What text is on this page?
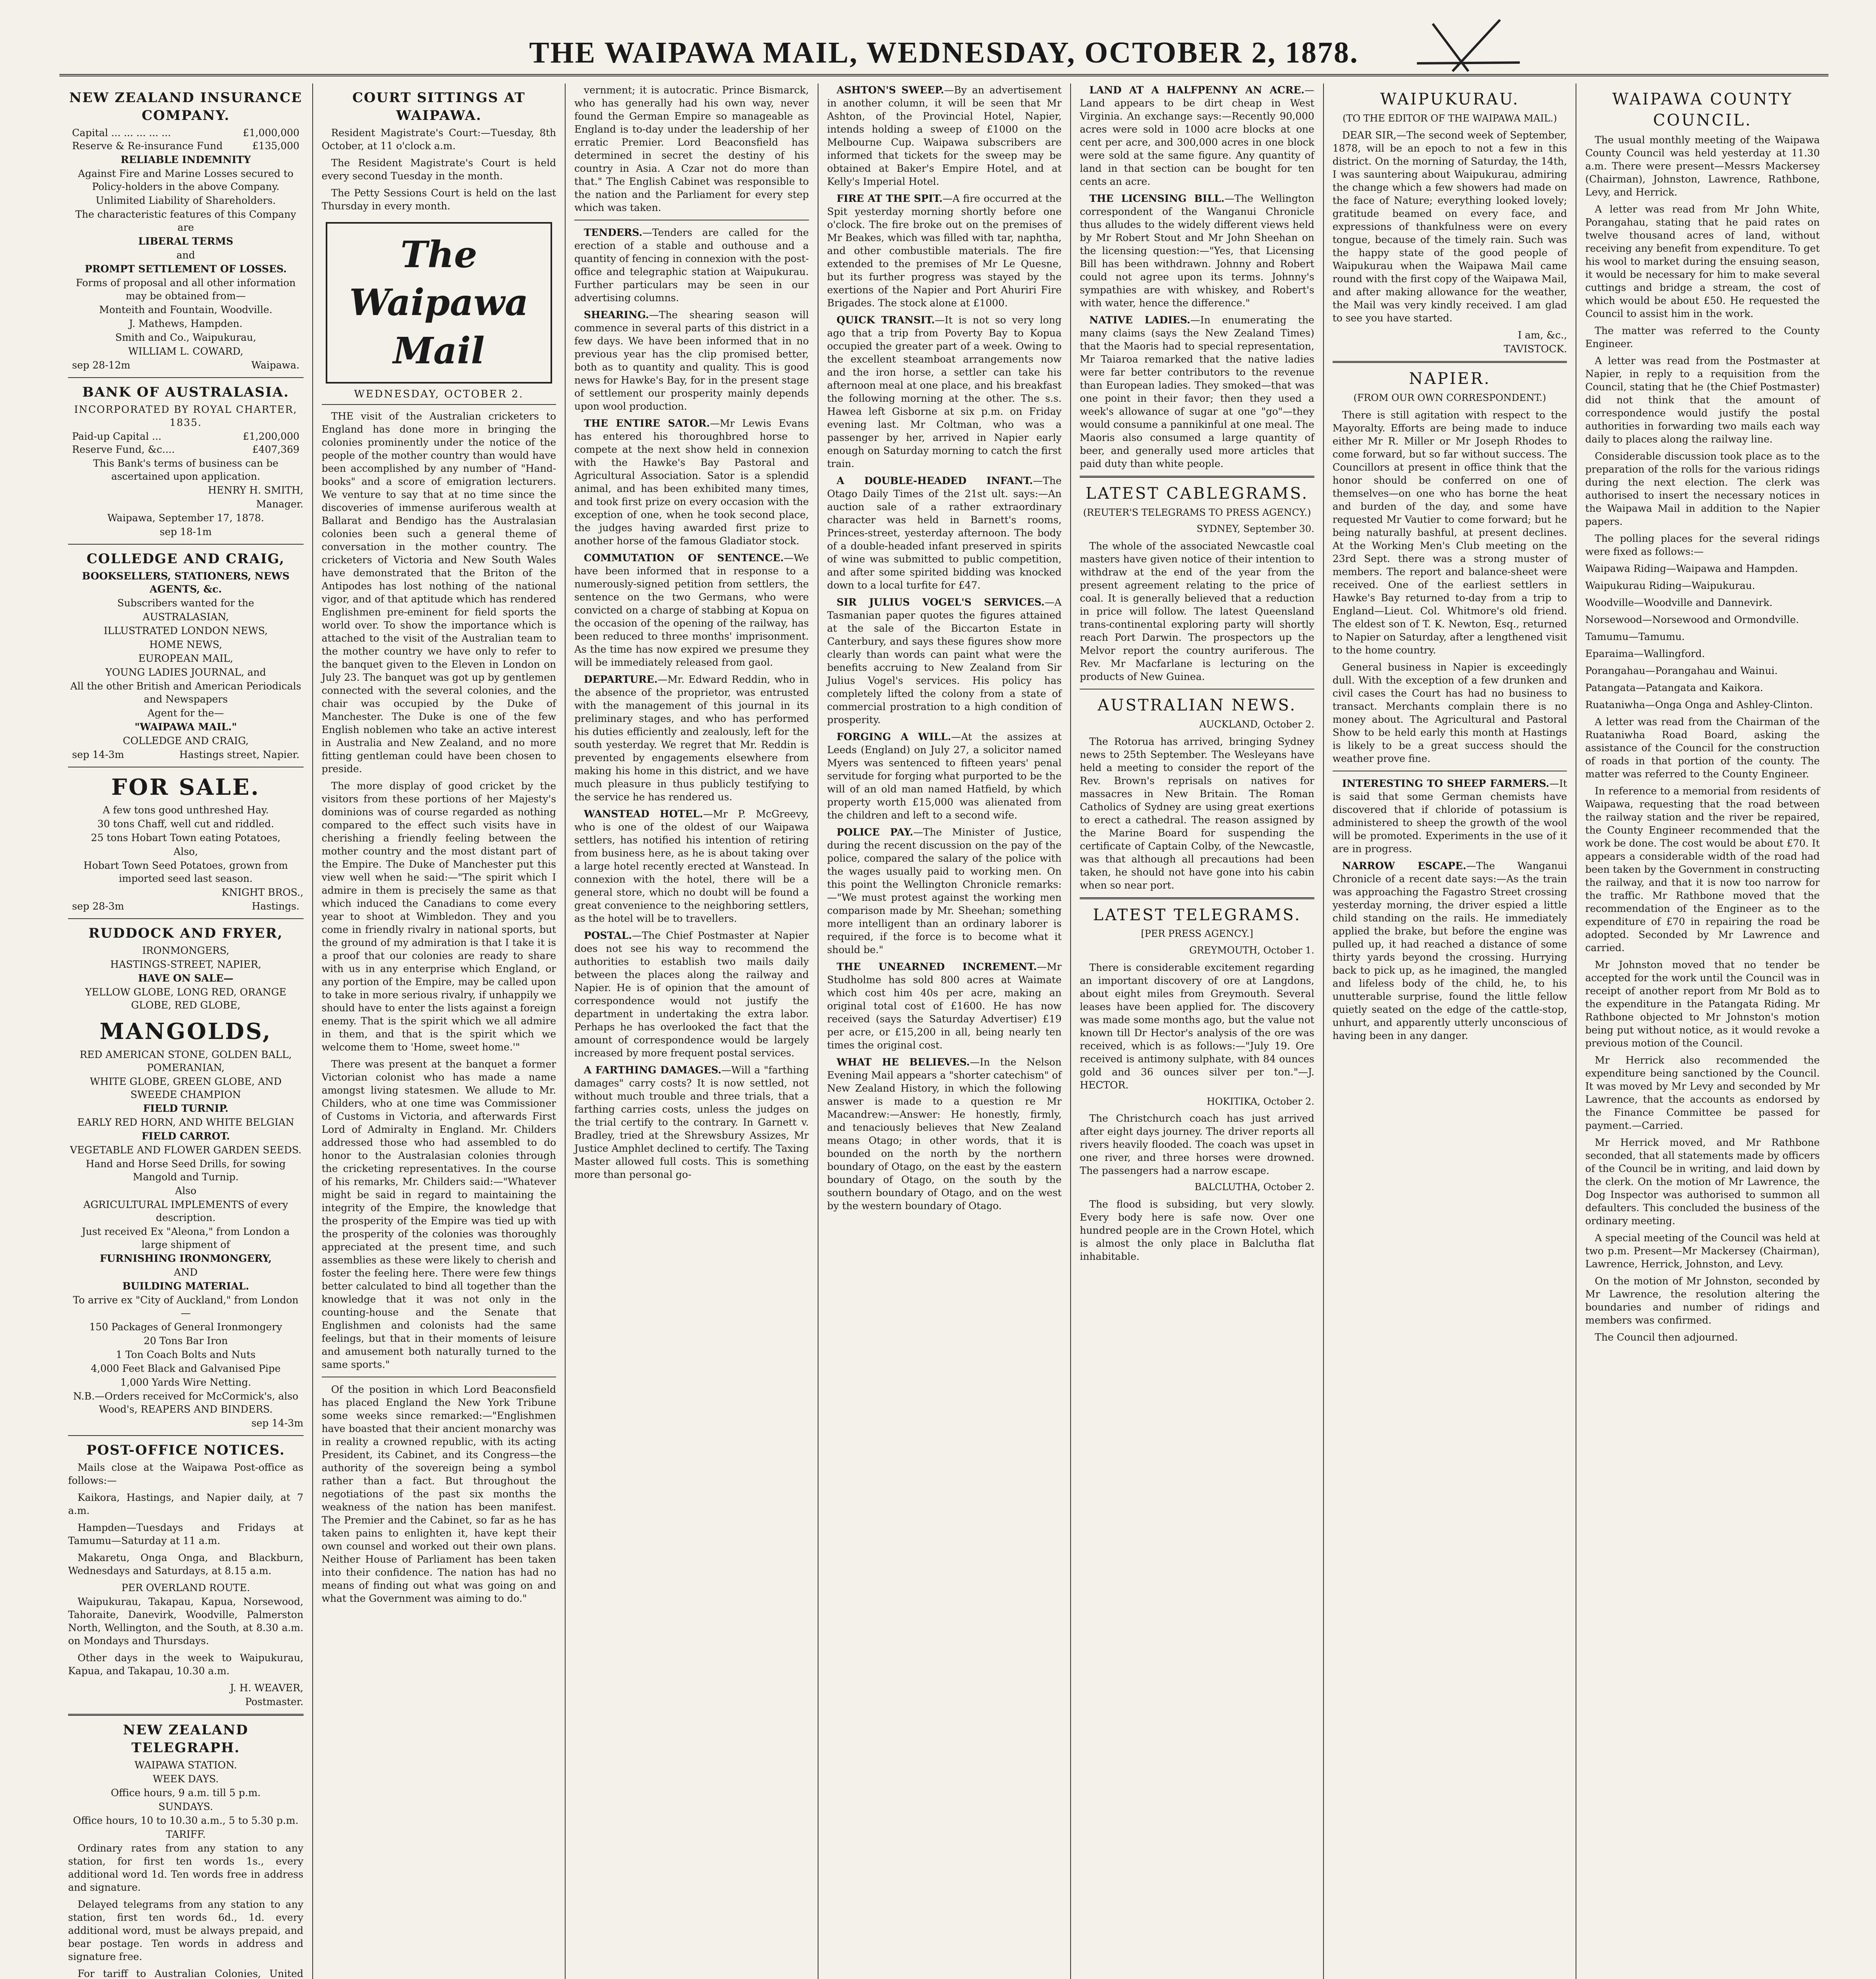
THE WAIPAWA MAIL, WEDNESDAY, OCTOBER 2, 1878.
NEW ZEALAND INSURANCE COMPANY.
Capital ... ... ... ... ...	£1,000,000
Reserve & Re-insurance Fund	£135,000
RELIABLE INDEMNITY
Against Fire and Marine Losses secured to Policy-holders in the above Company.
Unlimited Liability of Shareholders.
The characteristic features of this Company are
LIBERAL TERMS
and
PROMPT SETTLEMENT OF LOSSES.
Forms of proposal and all other information may be obtained from—
Monteith and Fountain, Woodville.
J. Mathews, Hampden.
Smith and Co., Waipukurau,
WILLIAM L. COWARD,
sep 28-12m	Waipawa.
BANK OF AUSTRALASIA.
INCORPORATED BY ROYAL CHARTER, 1835.
Paid-up Capital ...	£1,200,000
Reserve Fund, &c....	£407,369
This Bank's terms of business can be ascertained upon application.
HENRY H. SMITH,
Manager.
Waipawa, September 17, 1878.
sep 18-1m
COLLEDGE AND CRAIG,
BOOKSELLERS, STATIONERS, NEWS AGENTS, &c.
Subscribers wanted for the
AUSTRALASIAN,
ILLUSTRATED LONDON NEWS,
HOME NEWS,
EUROPEAN MAIL,
YOUNG LADIES JOURNAL, and
All the other British and American Periodicals and Newspapers
Agent for the—
"WAIPAWA MAIL."
COLLEDGE AND CRAIG,
sep 14-3m	Hastings street, Napier.
FOR SALE.
A few tons good unthreshed Hay.
30 tons Chaff, well cut and riddled.
25 tons Hobart Town eating Potatoes,
Also,
Hobart Town Seed Potatoes, grown from imported seed last season.
KNIGHT BROS.,
sep 28-3m	Hastings.
RUDDOCK AND FRYER,
IRONMONGERS,
HASTINGS-STREET, NAPIER,
HAVE ON SALE—
YELLOW GLOBE, LONG RED, ORANGE GLOBE, RED GLOBE,
MANGOLDS,
RED AMERICAN STONE, GOLDEN BALL, POMERANIAN,
WHITE GLOBE, GREEN GLOBE, AND SWEEDE CHAMPION
FIELD TURNIP.
EARLY RED HORN, AND WHITE BELGIAN
FIELD CARROT.
VEGETABLE AND FLOWER GARDEN SEEDS.
Hand and Horse Seed Drills, for sowing Mangold and Turnip.
Also
AGRICULTURAL IMPLEMENTS of every description.
Just received Ex "Aleona," from London a large shipment of
FURNISHING IRONMONGERY,
AND
BUILDING MATERIAL.
To arrive ex "City of Auckland," from London—
150 Packages of General Ironmongery
20 Tons Bar Iron
1 Ton Coach Bolts and Nuts
4,000 Feet Black and Galvanised Pipe
1,000 Yards Wire Netting.
N.B.—Orders received for McCormick's, also Wood's, REAPERS AND BINDERS.
sep 14-3m
POST-OFFICE NOTICES.

Mails close at the Waipawa Post-office as follows:—

Kaikora, Hastings, and Napier daily, at 7 a.m.

Hampden—Tuesdays and Fridays at Tamumu—Saturday at 11 a.m.

Makaretu, Onga Onga, and Blackburn, Wednesdays and Saturdays, at 8.15 a.m.

PER OVERLAND ROUTE.

Waipukurau, Takapau, Kapua, Norsewood, Tahoraite, Danevirk, Woodville, Palmerston North, Wellington, and the South, at 8.30 a.m. on Mondays and Thursdays.

Other days in the week to Waipukurau, Kapua, and Takapau, 10.30 a.m.

J. H. WEAVER,
Postmaster.
NEW ZEALAND TELEGRAPH.
WAIPAWA STATION.
WEEK DAYS.
Office hours, 9 a.m. till 5 p.m.
SUNDAYS.
Office hours, 10 to 10.30 a.m., 5 to 5.30 p.m.
TARIFF.

Ordinary rates from any station to any station, for first ten words 1s., every additional word 1d. Ten words free in address and signature.

Delayed telegrams from any station to any station, first ten words 6d., 1d. every additional word, must be always prepaid, and bear postage. Ten words in address and signature free.

For tariff to Australian Colonies, United

COURT SITTINGS AT WAIPAWA.

Resident Magistrate's Court:—Tuesday, 8th October, at 11 o'clock a.m.

The Resident Magistrate's Court is held every second Tuesday in the month.

The Petty Sessions Court is held on the last Thursday in every month.

The Waipawa Mail
WEDNESDAY, OCTOBER 2.

THE visit of the Australian cricketers to England has done more in bringing the colonies prominently under the notice of the people of the mother country than would have been accomplished by any number of "Hand-books" and a score of emigration lecturers. We venture to say that at no time since the discoveries of immense auriferous wealth at Ballarat and Bendigo has the Australasian colonies been such a general theme of conversation in the mother country. The cricketers of Victoria and New South Wales have demonstrated that the Briton of the Antipodes has lost nothing of the national vigor, and of that aptitude which has rendered Englishmen pre-eminent for field sports the world over. To show the importance which is attached to the visit of the Australian team to the mother country we have only to refer to the banquet given to the Eleven in London on July 23. The banquet was got up by gentlemen connected with the several colonies, and the chair was occupied by the Duke of Manchester. The Duke is one of the few English noblemen who take an active interest in Australia and New Zealand, and no more fitting gentleman could have been chosen to preside.

The more display of good cricket by the visitors from these portions of her Majesty's dominions was of course regarded as nothing compared to the effect such visits have in cherishing a friendly feeling between the mother country and the most distant part of the Empire. The Duke of Manchester put this view well when he said:—"The spirit which I admire in them is precisely the same as that which induced the Canadians to come every year to shoot at Wimbledon. They and you come in friendly rivalry in national sports, but the ground of my admiration is that I take it is a proof that our colonies are ready to share with us in any enterprise which England, or any portion of the Empire, may be called upon to take in more serious rivalry, if unhappily we should have to enter the lists against a foreign enemy. That is the spirit which we all admire in them, and that is the spirit which we welcome them to 'Home, sweet home.'"

There was present at the banquet a former Victorian colonist who has made a name amongst living statesmen. We allude to Mr. Childers, who at one time was Commissioner of Customs in Victoria, and afterwards First Lord of Admiralty in England. Mr. Childers addressed those who had assembled to do honor to the Australasian colonies through the cricketing representatives. In the course of his remarks, Mr. Childers said:—"Whatever might be said in regard to maintaining the integrity of the Empire, the knowledge that the prosperity of the Empire was tied up with the prosperity of the colonies was thoroughly appreciated at the present time, and such assemblies as these were likely to cherish and foster the feeling here. There were few things better calculated to bind all together than the knowledge that it was not only in the counting-house and the Senate that Englishmen and colonists had the same feelings, but that in their moments of leisure and amusement both naturally turned to the same sports."

Of the position in which Lord Beaconsfield has placed England the New York Tribune some weeks since remarked:—"Englishmen have boasted that their ancient monarchy was in reality a crowned republic, with its acting President, its Cabinet, and its Congress—the authority of the sovereign being a symbol rather than a fact. But throughout the negotiations of the past six months the weakness of the nation has been manifest. The Premier and the Cabinet, so far as he has taken pains to enlighten it, have kept their own counsel and worked out their own plans. Neither House of Parliament has been taken into their confidence. The nation has had no means of finding out what was going on and what the Government was aiming to do."

vernment; it is autocratic. Prince Bismarck, who has generally had his own way, never found the German Empire so manageable as England is to-day under the leadership of her erratic Premier. Lord Beaconsfield has determined in secret the destiny of his country in Asia. A Czar not do more than that." The English Cabinet was responsible to the nation and the Parliament for every step which was taken.

TENDERS.—Tenders are called for the erection of a stable and outhouse and a quantity of fencing in connexion with the post-office and telegraphic station at Waipukurau. Further particulars may be seen in our advertising columns.

SHEARING.—The shearing season will commence in several parts of this district in a few days. We have been informed that in no previous year has the clip promised better, both as to quantity and quality. This is good news for Hawke's Bay, for in the present stage of settlement our prosperity mainly depends upon wool production.

THE ENTIRE SATOR.—Mr Lewis Evans has entered his thoroughbred horse to compete at the next show held in connexion with the Hawke's Bay Pastoral and Agricultural Association. Sator is a splendid animal, and has been exhibited many times, and took first prize on every occasion with the exception of one, when he took second place, the judges having awarded first prize to another horse of the famous Gladiator stock.

COMMUTATION OF SENTENCE.—We have been informed that in response to a numerously-signed petition from settlers, the sentence on the two Germans, who were convicted on a charge of stabbing at Kopua on the occasion of the opening of the railway, has been reduced to three months' imprisonment. As the time has now expired we presume they will be immediately released from gaol.

DEPARTURE.—Mr. Edward Reddin, who in the absence of the proprietor, was entrusted with the management of this journal in its preliminary stages, and who has performed his duties efficiently and zealously, left for the south yesterday. We regret that Mr. Reddin is prevented by engagements elsewhere from making his home in this district, and we have much pleasure in thus publicly testifying to the service he has rendered us.

WANSTEAD HOTEL.—Mr P. McGreevy, who is one of the oldest of our Waipawa settlers, has notified his intention of retiring from business here, as he is about taking over a large hotel recently erected at Wanstead. In connexion with the hotel, there will be a general store, which no doubt will be found a great convenience to the neighboring settlers, as the hotel will be to travellers.

POSTAL.—The Chief Postmaster at Napier does not see his way to recommend the authorities to establish two mails daily between the places along the railway and Napier. He is of opinion that the amount of correspondence would not justify the department in undertaking the extra labor. Perhaps he has overlooked the fact that the amount of correspondence would be largely increased by more frequent postal services.

A FARTHING DAMAGES.—Will a "farthing damages" carry costs? It is now settled, not without much trouble and three trials, that a farthing carries costs, unless the judges on the trial certify to the contrary. In Garnett v. Bradley, tried at the Shrewsbury Assizes, Mr Justice Amphlet declined to certify. The Taxing Master allowed full costs. This is something more than personal go-

ASHTON'S SWEEP.—By an advertisement in another column, it will be seen that Mr Ashton, of the Provincial Hotel, Napier, intends holding a sweep of £1000 on the Melbourne Cup. Waipawa subscribers are informed that tickets for the sweep may be obtained at Baker's Empire Hotel, and at Kelly's Imperial Hotel.

FIRE AT THE SPIT.—A fire occurred at the Spit yesterday morning shortly before one o'clock. The fire broke out on the premises of Mr Beakes, which was filled with tar, naphtha, and other combustible materials. The fire extended to the premises of Mr Le Quesne, but its further progress was stayed by the exertions of the Napier and Port Ahuriri Fire Brigades. The stock alone at £1000.

QUICK TRANSIT.—It is not so very long ago that a trip from Poverty Bay to Kopua occupied the greater part of a week. Owing to the excellent steamboat arrangements now and the iron horse, a settler can take his afternoon meal at one place, and his breakfast the following morning at the other. The s.s. Hawea left Gisborne at six p.m. on Friday evening last. Mr Coltman, who was a passenger by her, arrived in Napier early enough on Saturday morning to catch the first train.

A DOUBLE-HEADED INFANT.—The Otago Daily Times of the 21st ult. says:—An auction sale of a rather extraordinary character was held in Barnett's rooms, Princes-street, yesterday afternoon. The body of a double-headed infant preserved in spirits of wine was submitted to public competition, and after some spirited bidding was knocked down to a local turfite for £47.

SIR JULIUS VOGEL'S SERVICES.—A Tasmanian paper quotes the figures attained at the sale of the Biccarton Estate in Canterbury, and says these figures show more clearly than words can paint what were the benefits accruing to New Zealand from Sir Julius Vogel's services. His policy has completely lifted the colony from a state of commercial prostration to a high condition of prosperity.

FORGING A WILL.—At the assizes at Leeds (England) on July 27, a solicitor named Myers was sentenced to fifteen years' penal servitude for forging what purported to be the will of an old man named Hatfield, by which property worth £15,000 was alienated from the children and left to a second wife.

POLICE PAY.—The Minister of Justice, during the recent discussion on the pay of the police, compared the salary of the police with the wages usually paid to working men. On this point the Wellington Chronicle remarks:—"We must protest against the working men comparison made by Mr. Sheehan; something more intelligent than an ordinary laborer is required, if the force is to become what it should be."

THE UNEARNED INCREMENT.—Mr Studholme has sold 800 acres at Waimate which cost him 40s per acre, making an original total cost of £1600. He has now received (says the Saturday Advertiser) £19 per acre, or £15,200 in all, being nearly ten times the original cost.

WHAT HE BELIEVES.—In the Nelson Evening Mail appears a "shorter catechism" of New Zealand History, in which the following answer is made to a question re Mr Macandrew:—Answer: He honestly, firmly, and tenaciously believes that New Zealand means Otago; in other words, that it is bounded on the north by the northern boundary of Otago, on the east by the eastern boundary of Otago, on the south by the southern boundary of Otago, and on the west by the western boundary of Otago.

LAND AT A HALFPENNY AN ACRE.—Land appears to be dirt cheap in West Virginia. An exchange says:—Recently 90,000 acres were sold in 1000 acre blocks at one cent per acre, and 300,000 acres in one block were sold at the same figure. Any quantity of land in that section can be bought for ten cents an acre.

THE LICENSING BILL.—The Wellington correspondent of the Wanganui Chronicle thus alludes to the widely different views held by Mr Robert Stout and Mr John Sheehan on the licensing question:—"Yes, that Licensing Bill has been withdrawn. Johnny and Robert could not agree upon its terms. Johnny's sympathies are with whiskey, and Robert's with water, hence the difference."

NATIVE LADIES.—In enumerating the many claims (says the New Zealand Times) that the Maoris had to special representation, Mr Taiaroa remarked that the native ladies were far better contributors to the revenue than European ladies. They smoked—that was one point in their favor; then they used a week's allowance of sugar at one "go"—they would consume a pannikinful at one meal. The Maoris also consumed a large quantity of beer, and generally used more articles that paid duty than white people.

LATEST CABLEGRAMS.
(REUTER'S TELEGRAMS TO PRESS AGENCY.)
SYDNEY, September 30.

The whole of the associated Newcastle coal masters have given notice of their intention to withdraw at the end of the year from the present agreement relating to the price of coal. It is generally believed that a reduction in price will follow. The latest Queensland trans-continental exploring party will shortly reach Port Darwin. The prospectors up the Melvor report the country auriferous. The Rev. Mr Macfarlane is lecturing on the products of New Guinea.

AUSTRALIAN NEWS.
AUCKLAND, October 2.

The Rotorua has arrived, bringing Sydney news to 25th September. The Wesleyans have held a meeting to consider the report of the Rev. Brown's reprisals on natives for massacres in New Britain. The Roman Catholics of Sydney are using great exertions to erect a cathedral. The reason assigned by the Marine Board for suspending the certificate of Captain Colby, of the Newcastle, was that although all precautions had been taken, he should not have gone into his cabin when so near port.

LATEST TELEGRAMS.
[PER PRESS AGENCY.]
GREYMOUTH, October 1.

There is considerable excitement regarding an important discovery of ore at Langdons, about eight miles from Greymouth. Several leases have been applied for. The discovery was made some months ago, but the value not known till Dr Hector's analysis of the ore was received, which is as follows:—"July 19. Ore received is antimony sulphate, with 84 ounces gold and 36 ounces silver per ton."—J. HECTOR.

HOKITIKA, October 2.

The Christchurch coach has just arrived after eight days journey. The driver reports all rivers heavily flooded. The coach was upset in one river, and three horses were drowned. The passengers had a narrow escape.

BALCLUTHA, October 2.

The flood is subsiding, but very slowly. Every body here is safe now. Over one hundred people are in the Crown Hotel, which is almost the only place in Balclutha flat inhabitable.

WAIPUKURAU.
(TO THE EDITOR OF THE WAIPAWA MAIL.)

DEAR SIR,—The second week of September, 1878, will be an epoch to not a few in this district. On the morning of Saturday, the 14th, I was sauntering about Waipukurau, admiring the change which a few showers had made on the face of Nature; everything looked lovely; gratitude beamed on every face, and expressions of thankfulness were on every tongue, because of the timely rain. Such was the happy state of the good people of Waipukurau when the Waipawa Mail came round with the first copy of the Waipawa Mail, and after making allowance for the weather, the Mail was very kindly received. I am glad to see you have started.

I am, &c.,
TAVISTOCK.
NAPIER.
(FROM OUR OWN CORRESPONDENT.)

There is still agitation with respect to the Mayoralty. Efforts are being made to induce either Mr R. Miller or Mr Joseph Rhodes to come forward, but so far without success. The Councillors at present in office think that the honor should be conferred on one of themselves—on one who has borne the heat and burden of the day, and some have requested Mr Vautier to come forward; but he being naturally bashful, at present declines. At the Working Men's Club meeting on the 23rd Sept. there was a strong muster of members. The report and balance-sheet were received. One of the earliest settlers in Hawke's Bay returned to-day from a trip to England—Lieut. Col. Whitmore's old friend. The eldest son of T. K. Newton, Esq., returned to Napier on Saturday, after a lengthened visit to the home country.

General business in Napier is exceedingly dull. With the exception of a few drunken and civil cases the Court has had no business to transact. Merchants complain there is no money about. The Agricultural and Pastoral Show to be held early this month at Hastings is likely to be a great success should the weather prove fine.

INTERESTING TO SHEEP FARMERS.—It is said that some German chemists have discovered that if chloride of potassium is administered to sheep the growth of the wool will be promoted. Experiments in the use of it are in progress.

NARROW ESCAPE.—The Wanganui Chronicle of a recent date says:—As the train was approaching the Fagastro Street crossing yesterday morning, the driver espied a little child standing on the rails. He immediately applied the brake, but before the engine was pulled up, it had reached a distance of some thirty yards beyond the crossing. Hurrying back to pick up, as he imagined, the mangled and lifeless body of the child, he, to his unutterable surprise, found the little fellow quietly seated on the edge of the cattle-stop, unhurt, and apparently utterly unconscious of having been in any danger.

WAIPAWA COUNTY COUNCIL.

The usual monthly meeting of the Waipawa County Council was held yesterday at 11.30 a.m. There were present—Messrs Mackersey (Chairman), Johnston, Lawrence, Rathbone, Levy, and Herrick.

A letter was read from Mr John White, Porangahau, stating that he paid rates on twelve thousand acres of land, without receiving any benefit from expenditure. To get his wool to market during the ensuing season, it would be necessary for him to make several cuttings and bridge a stream, the cost of which would be about £50. He requested the Council to assist him in the work.

The matter was referred to the County Engineer.

A letter was read from the Postmaster at Napier, in reply to a requisition from the Council, stating that he (the Chief Postmaster) did not think that the amount of correspondence would justify the postal authorities in forwarding two mails each way daily to places along the railway line.

Considerable discussion took place as to the preparation of the rolls for the various ridings during the next election. The clerk was authorised to insert the necessary notices in the Waipawa Mail in addition to the Napier papers.

The polling places for the several ridings were fixed as follows:—

Waipawa Riding—Waipawa and Hampden.

Waipukurau Riding—Waipukurau.

Woodville—Woodville and Dannevirk.

Norsewood—Norsewood and Ormondville.

Tamumu—Tamumu.

Eparaima—Wallingford.

Porangahau—Porangahau and Wainui.

Patangata—Patangata and Kaikora.

Ruataniwha—Onga Onga and Ashley-Clinton.

A letter was read from the Chairman of the Ruataniwha Road Board, asking the assistance of the Council for the construction of roads in that portion of the county. The matter was referred to the County Engineer.

In reference to a memorial from residents of Waipawa, requesting that the road between the railway station and the river be repaired, the County Engineer recommended that the work be done. The cost would be about £70. It appears a considerable width of the road had been taken by the Government in constructing the railway, and that it is now too narrow for the traffic. Mr Rathbone moved that the recommendation of the Engineer as to the expenditure of £70 in repairing the road be adopted. Seconded by Mr Lawrence and carried.

Mr Johnston moved that no tender be accepted for the work until the Council was in receipt of another report from Mr Bold as to the expenditure in the Patangata Riding. Mr Rathbone objected to Mr Johnston's motion being put without notice, as it would revoke a previous motion of the Council.

Mr Herrick also recommended the expenditure being sanctioned by the Council. It was moved by Mr Levy and seconded by Mr Lawrence, that the accounts as endorsed by the Finance Committee be passed for payment.—Carried.

Mr Herrick moved, and Mr Rathbone seconded, that all statements made by officers of the Council be in writing, and laid down by the clerk. On the motion of Mr Lawrence, the Dog Inspector was authorised to summon all defaulters. This concluded the business of the ordinary meeting.

A special meeting of the Council was held at two p.m. Present—Mr Mackersey (Chairman), Lawrence, Herrick, Johnston, and Levy.

On the motion of Mr Johnston, seconded by Mr Lawrence, the resolution altering the boundaries and number of ridings and members was confirmed.

The Council then adjourned.
